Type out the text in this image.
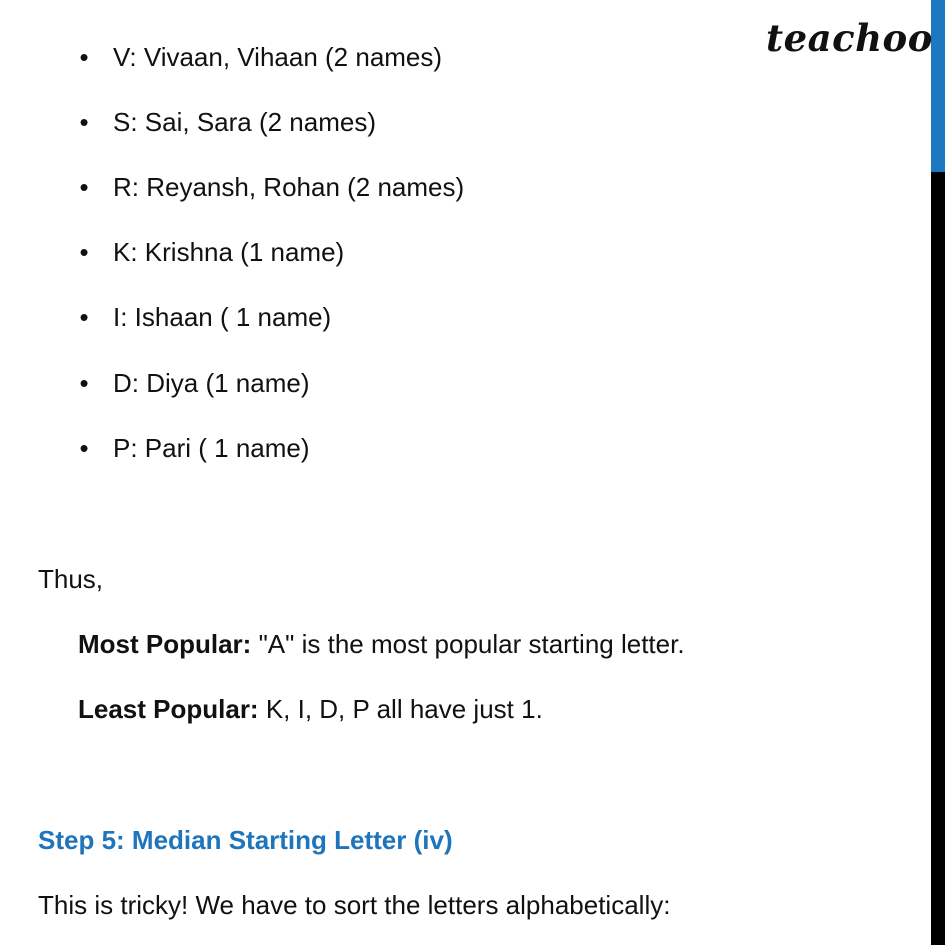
teachoo
• V: Vivaan, Vihaan (2 names)
• S: Sai, Sara (2 names)
• R: Reyansh, Rohan (2 names)
• K: Krishna (1 name)
• I: Ishaan ( 1 name)
• D: Diya (1 name)
• P: Pari ( 1 name)
Thus,
Most Popular: "A" is the most popular starting letter.
Least Popular: K, I, D, P all have just 1.
Step 5: Median Starting Letter (iv)
This is tricky! We have to sort the letters alphabetically:
